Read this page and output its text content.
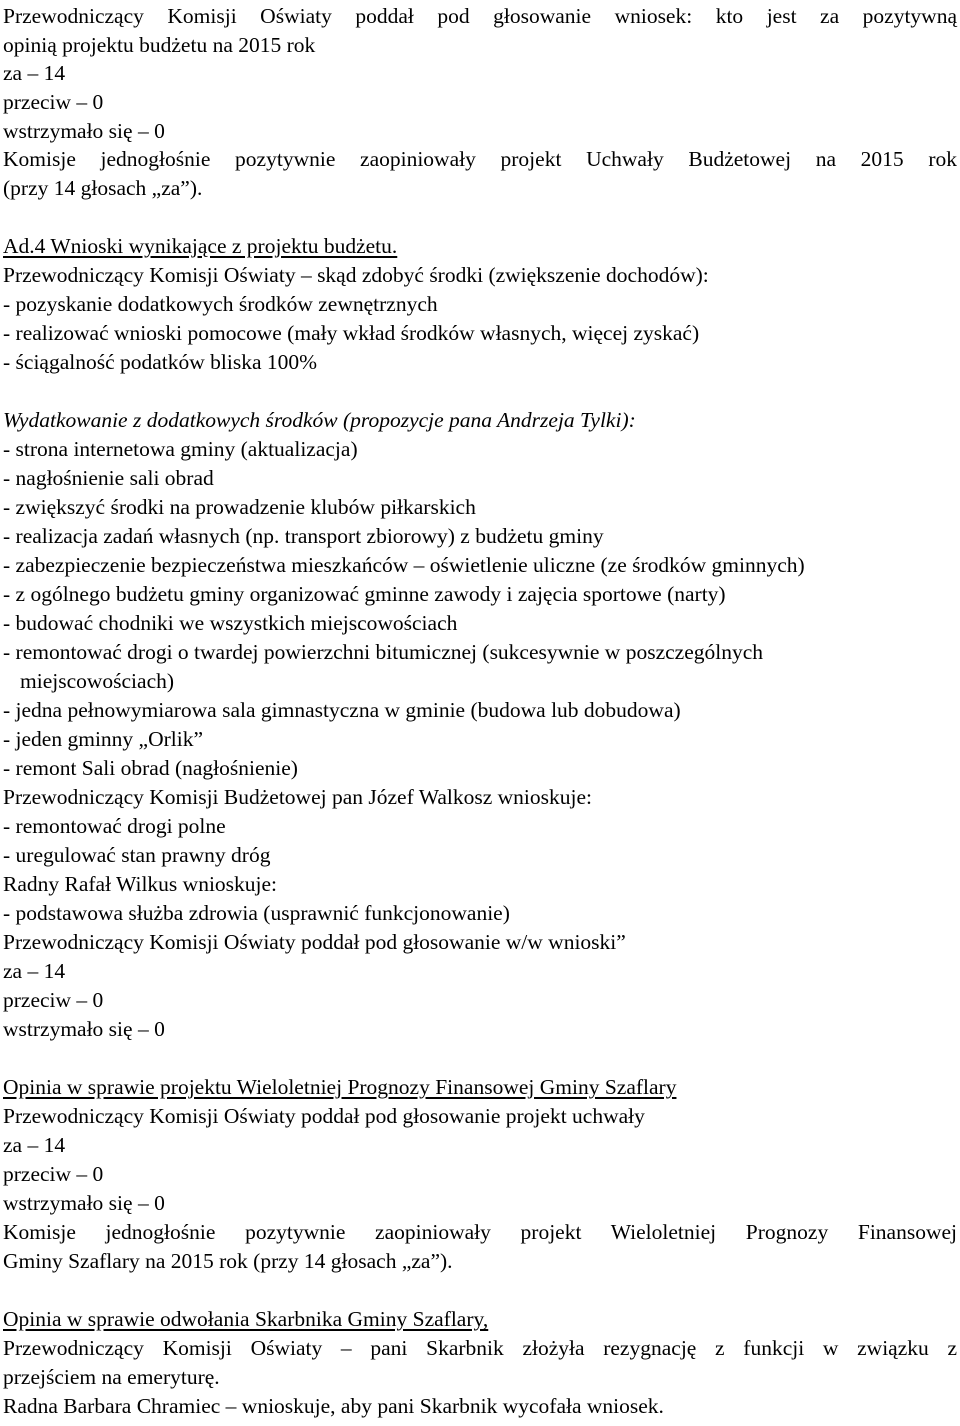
Przewodniczący Komisji Oświaty poddał pod głosowanie wniosek: kto jest za pozytywną
opinią projektu budżetu na 2015 rok
za – 14
przeciw – 0
wstrzymało się – 0
Komisje jednogłośnie pozytywnie zaopiniowały projekt Uchwały Budżetowej na 2015 rok
(przy 14 głosach „za”).
Ad.4 Wnioski wynikające z projektu budżetu.
Przewodniczący Komisji Oświaty – skąd zdobyć środki (zwiększenie dochodów):
- pozyskanie dodatkowych środków zewnętrznych
- realizować wnioski pomocowe (mały wkład środków własnych, więcej zyskać)
- ściągalność podatków bliska 100%
Wydatkowanie z dodatkowych środków (propozycje pana Andrzeja Tylki):
- strona internetowa gminy (aktualizacja)
- nagłośnienie sali obrad
- zwiększyć środki na prowadzenie klubów piłkarskich
- realizacja zadań własnych (np. transport zbiorowy) z budżetu gminy
- zabezpieczenie bezpieczeństwa mieszkańców – oświetlenie uliczne (ze środków gminnych)
- z ogólnego budżetu gminy organizować gminne zawody i zajęcia sportowe (narty)
- budować chodniki we wszystkich miejscowościach
- remontować drogi o twardej powierzchni bitumicznej (sukcesywnie w poszczególnych
miejscowościach)
- jedna pełnowymiarowa sala gimnastyczna w gminie (budowa lub dobudowa)
- jeden gminny „Orlik”
- remont Sali obrad (nagłośnienie)
Przewodniczący Komisji Budżetowej pan Józef Walkosz wnioskuje:
- remontować drogi polne
- uregulować stan prawny dróg
Radny Rafał Wilkus wnioskuje:
- podstawowa służba zdrowia (usprawnić funkcjonowanie)
Przewodniczący Komisji Oświaty poddał pod głosowanie w/w wnioski”
za – 14
przeciw – 0
wstrzymało się – 0
Opinia w sprawie projektu Wieloletniej Prognozy Finansowej Gminy Szaflary
Przewodniczący Komisji Oświaty poddał pod głosowanie projekt uchwały
za – 14
przeciw – 0
wstrzymało się – 0
Komisje jednogłośnie pozytywnie zaopiniowały projekt Wieloletniej Prognozy Finansowej
Gminy Szaflary na 2015 rok (przy 14 głosach „za”).
Opinia w sprawie odwołania Skarbnika Gminy Szaflary,
Przewodniczący Komisji Oświaty – pani Skarbnik złożyła rezygnację z funkcji w związku z
przejściem na emeryturę.
Radna Barbara Chramiec – wnioskuje, aby pani Skarbnik wycofała wniosek.
